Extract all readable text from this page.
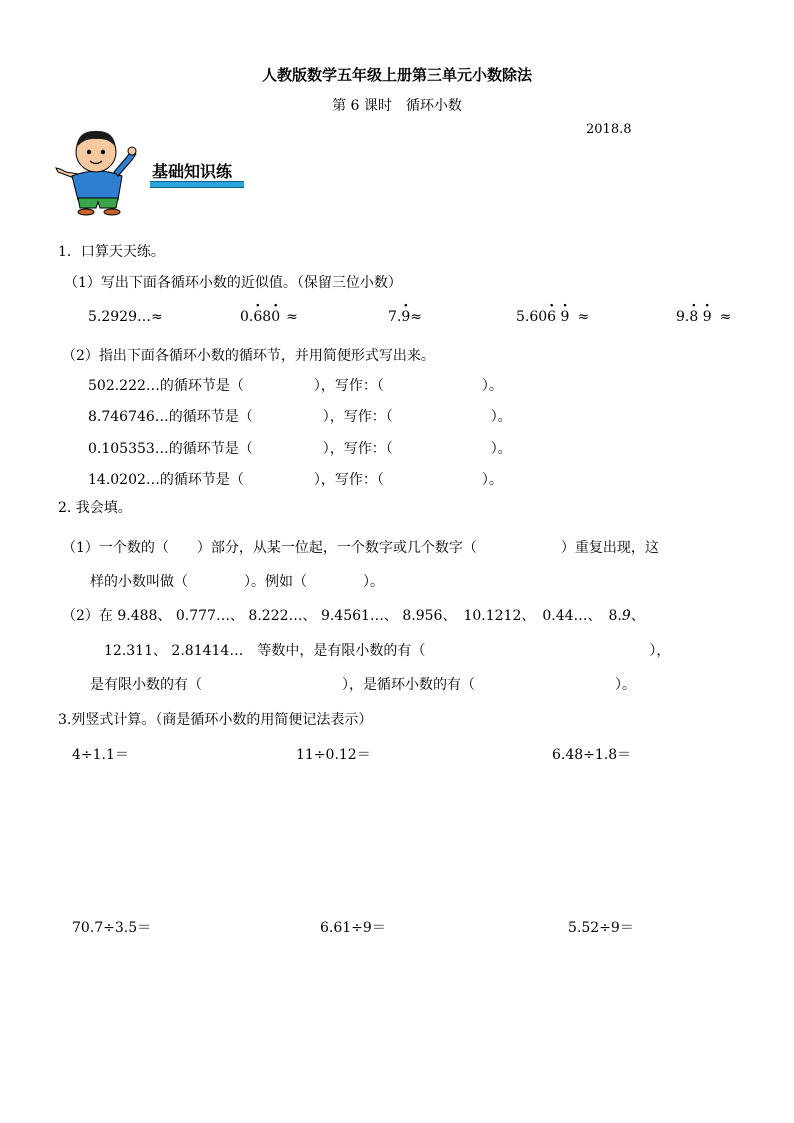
人教版数学五年级上册第三单元小数除法
第 6 课时　循环小数
2018.8
基础知识练
1．口算天天练。
（1）写出下面各循环小数的近似值。（保留三位小数）
5.2929…≈	0.· 68· 0 ≈	7.· 9≈	5.60· 6 · 9 ≈	9.· 8 · 9 ≈
（2）指出下面各循环小数的循环节，并用简便形式写出来。
502.222…的循环节是（　　　　　），写作：（　　　　　　　）。
8.746746…的循环节是（　　　　　），写作：（　　　　　　　）。
0.105353…的循环节是（　　　　　），写作：（　　　　　　　）。
14.0202…的循环节是（　　　　　），写作：（　　　　　　　）。
2. 我会填。
（1）一个数的（　　）部分，从某一位起，一个数字或几个数字（　　　　　　）重复出现，这
样的小数叫做（　　　　）。例如（　　　　）。
（2）在 9.488、 0.777…、 8.222…、 9.4561…、 8.956、　10.1212、　0.44…、　8.9̇、
12.311、 2.81414…　等数中，是有限小数的有（　　　　　　　　　　　　　　　　），
是有限小数的有（　　　　　　　　　　），是循环小数的有（　　　　　　　　　　）。
3.列竖式计算。（商是循环小数的用简便记法表示）
4÷1.1＝	11÷0.12＝	6.48÷1.8＝
70.7÷3.5＝	6.61÷9＝	5.52÷9＝
